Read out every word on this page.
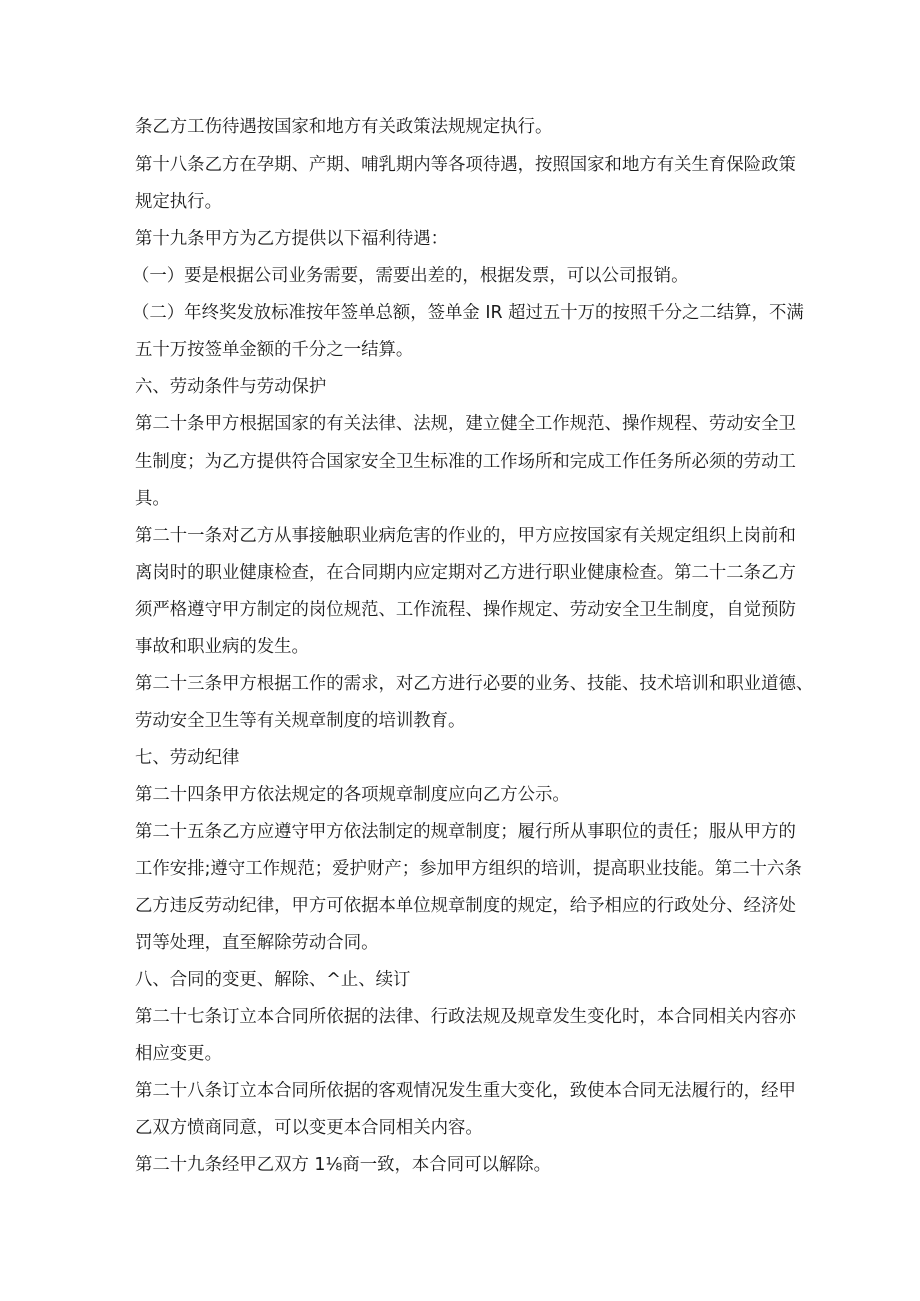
条乙方工伤待遇按国家和地方有关政策法规规定执行。
第十八条乙方在孕期、产期、哺乳期内等各项待遇，按照国家和地方有关生育保险政策
规定执行。
第十九条甲方为乙方提供以下福利待遇：
（一）要是根据公司业务需要，需要出差的，根据发票，可以公司报销。
（二）年终奖发放标准按年签单总额，签单金 IR 超过五十万的按照千分之二结算，不满
五十万按签单金额的千分之一结算。
六、劳动条件与劳动保护
第二十条甲方根据国家的有关法律、法规，建立健全工作规范、操作规程、劳动安全卫
生制度；为乙方提供符合国家安全卫生标准的工作场所和完成工作任务所必须的劳动工
具。
第二十一条对乙方从事接触职业病危害的作业的，甲方应按国家有关规定组织上岗前和
离岗时的职业健康检查，在合同期内应定期对乙方进行职业健康检查。第二十二条乙方
须严格遵守甲方制定的岗位规范、工作流程、操作规定、劳动安全卫生制度，自觉预防
事故和职业病的发生。
第二十三条甲方根据工作的需求，对乙方进行必要的业务、技能、技术培训和职业道德、
劳动安全卫生等有关规章制度的培训教育。
七、劳动纪律
第二十四条甲方依法规定的各项规章制度应向乙方公示。
第二十五条乙方应遵守甲方依法制定的规章制度；履行所从事职位的责任；服从甲方的
工作安排;遵守工作规范；爱护财产；参加甲方组织的培训，提高职业技能。第二十六条
乙方违反劳动纪律，甲方可依据本单位规章制度的规定，给予相应的行政处分、经济处
罚等处理，直至解除劳动合同。
八、合同的变更、解除、^止、续订
第二十七条订立本合同所依据的法律、行政法规及规章发生变化时，本合同相关内容亦
相应变更。
第二十八条订立本合同所依据的客观情况发生重大变化，致使本合同无法履行的，经甲
乙双方愤商同意，可以变更本合同相关内容。
第二十九条经甲乙双方 1⅛商一致，本合同可以解除。
